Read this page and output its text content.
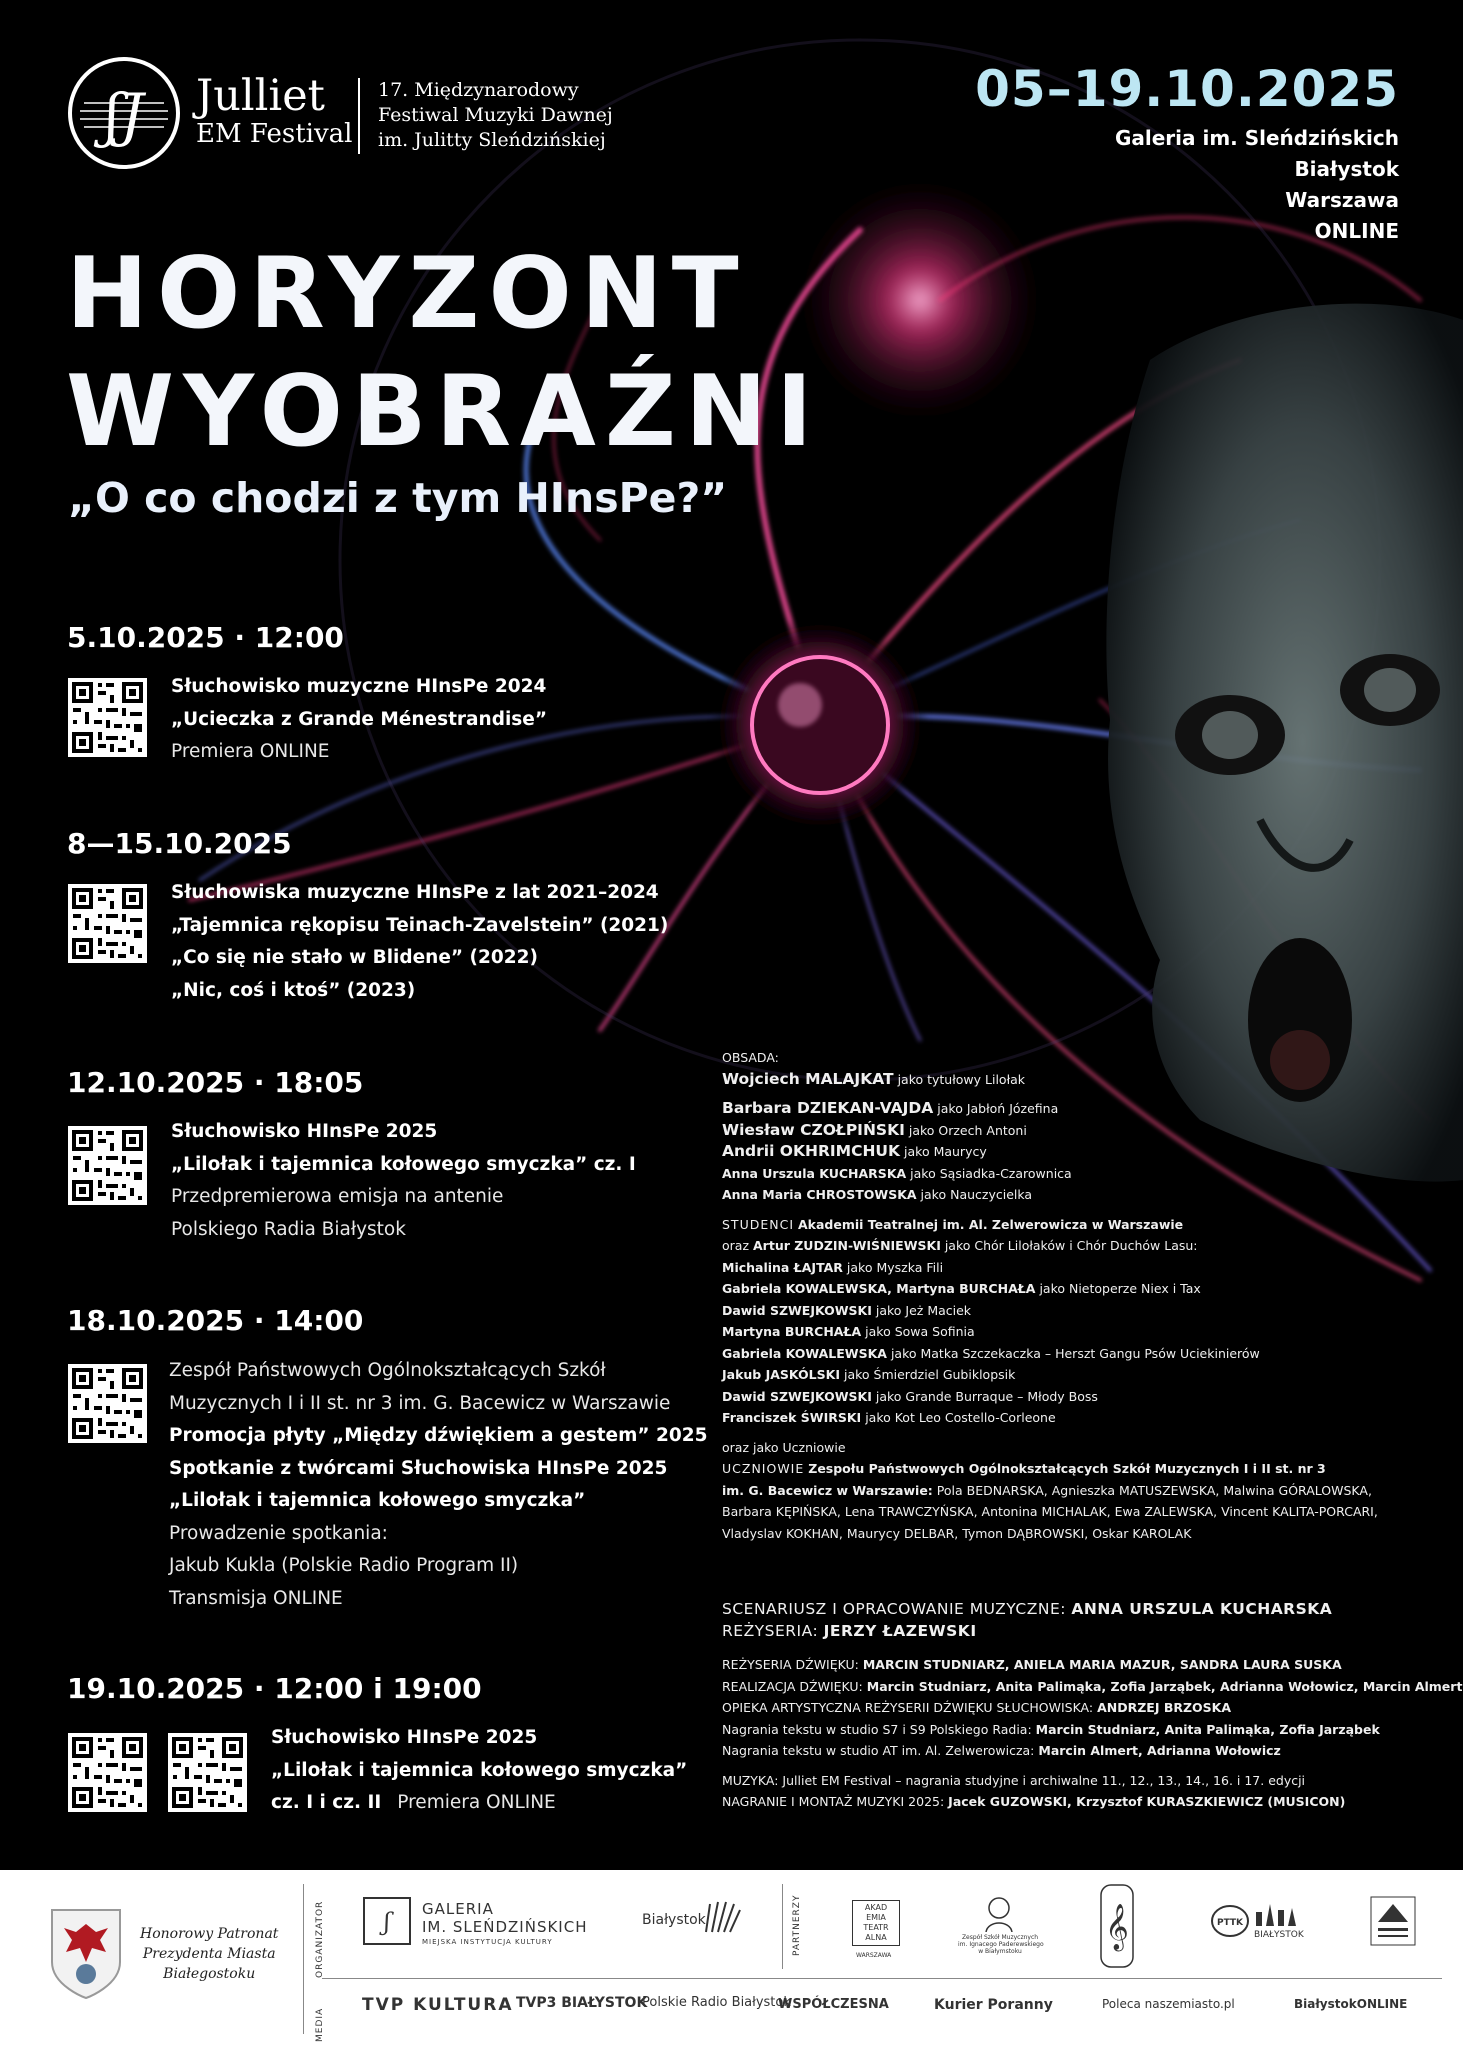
ʃJ Julliet
EM Festival
17. Międzynarodowy
Festiwal Muzyki Dawnej
im. Julitty Sleńdzińskiej
05–19.10.2025
Galeria im. Sleńdzińskich
Białystok
Warszawa
ONLINE
HORYZONT
WYOBRAŹNI
„O co chodzi z tym HInsPe?”
5.10.2025 · 12:00
Słuchowisko muzyczne HInsPe 2024
„Ucieczka z Grande Ménestrandise”
Premiera ONLINE
8—15.10.2025
Słuchowiska muzyczne HInsPe z lat 2021–2024
„Tajemnica rękopisu Teinach-Zavelstein” (2021)
„Co się nie stało w Blidene” (2022)
„Nic, coś i ktoś” (2023)
12.10.2025 · 18:05
Słuchowisko HInsPe 2025
„Lilołak i tajemnica kołowego smyczka” cz. I
Przedpremierowa emisja na antenie
Polskiego Radia Białystok
18.10.2025 · 14:00
Zespół Państwowych Ogólnokształcących Szkół
Muzycznych I i II st. nr 3 im. G. Bacewicz w Warszawie
Promocja płyty „Między dźwiękiem a gestem” 2025
Spotkanie z twórcami Słuchowiska HInsPe 2025
„Lilołak i tajemnica kołowego smyczka”
Prowadzenie spotkania:
Jakub Kukla (Polskie Radio Program II)
Transmisja ONLINE
19.10.2025 · 12:00 i 19:00
Słuchowisko HInsPe 2025
„Lilołak i tajemnica kołowego smyczka”
cz. I i cz. II Premiera ONLINE
OBSADA:
Wojciech MALAJKAT jako tytułowy Lilołak
Barbara DZIEKAN-VAJDA jako Jabłoń Józefina
Wiesław CZOŁPIŃSKI jako Orzech Antoni
Andrii OKHRIMCHUK jako Maurycy
Anna Urszula KUCHARSKA jako Sąsiadka-Czarownica
Anna Maria CHROSTOWSKA jako Nauczycielka
STUDENCI Akademii Teatralnej im. Al. Zelwerowicza w Warszawie
oraz Artur ZUDZIN-WIŚNIEWSKI jako Chór Lilołaków i Chór Duchów Lasu:
Michalina ŁAJTAR jako Myszka Fili
Gabriela KOWALEWSKA, Martyna BURCHAŁA jako Nietoperze Niex i Tax
Dawid SZWEJKOWSKI jako Jeż Maciek
Martyna BURCHAŁA jako Sowa Sofinia
Gabriela KOWALEWSKA jako Matka Szczekaczka – Herszt Gangu Psów Uciekinierów
Jakub JASKÓLSKI jako Śmierdziel Gubiklopsik
Dawid SZWEJKOWSKI jako Grande Burraque – Młody Boss
Franciszek ŚWIRSKI jako Kot Leo Costello-Corleone
oraz jako Uczniowie
UCZNIOWIE Zespołu Państwowych Ogólnokształcących Szkół Muzycznych I i II st. nr 3
im. G. Bacewicz w Warszawie: Pola BEDNARSKA, Agnieszka MATUSZEWSKA, Malwina GÓRALOWSKA,
Barbara KĘPIŃSKA, Lena TRAWCZYŃSKA, Antonina MICHALAK, Ewa ZALEWSKA, Vincent KALITA-PORCARI,
Vladyslav KOKHAN, Maurycy DELBAR, Tymon DĄBROWSKI, Oskar KAROLAK
SCENARIUSZ I OPRACOWANIE MUZYCZNE: ANNA URSZULA KUCHARSKA
REŻYSERIA: JERZY ŁAZEWSKI
REŻYSERIA DŹWIĘKU: MARCIN STUDNIARZ, ANIELA MARIA MAZUR, SANDRA LAURA SUSKA
REALIZACJA DŹWIĘKU: Marcin Studniarz, Anita Palimąka, Zofia Jarząbek, Adrianna Wołowicz, Marcin Almert
OPIEKA ARTYSTYCZNA REŻYSERII DŹWIĘKU SŁUCHOWISKA: ANDRZEJ BRZOSKA
Nagrania tekstu w studio S7 i S9 Polskiego Radia: Marcin Studniarz, Anita Palimąka, Zofia Jarząbek
Nagrania tekstu w studio AT im. Al. Zelwerowicza: Marcin Almert, Adrianna Wołowicz
MUZYKA: Julliet EM Festival – nagrania studyjne i archiwalne 11., 12., 13., 14., 16. i 17. edycji
NAGRANIE I MONTAŻ MUZYKI 2025: Jacek GUZOWSKI, Krzysztof KURASZKIEWICZ (MUSICON)
Honorowy Patronat
Prezydenta Miasta
Białegostoku	ORGANIZATOR
MEDIA
ʃ GALERIA
IM. SLEŃDZIŃSKICH
MIEJSKA INSTYTUCJA KULTURY
Białystok	PARTNERZY	AKAD
EMIA
TEATR
ALNA
WARSZAWA
Zespół Szkół Muzycznych
im. Ignacego Paderewskiego
w Białymstoku
𝄞	PTTK
BIAŁYSTOK
TVP KULTURA TVP3 BIAŁYSTOK
Polskie Radio Białystok
WSPÓŁCZESNA	Kurier Poranny	Poleca naszemiasto.pl	BiałystokONLINE
